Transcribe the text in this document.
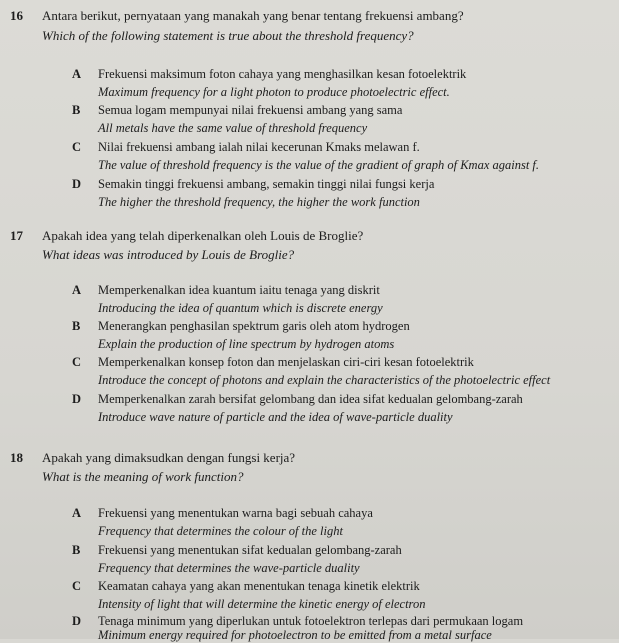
16 Antara berikut, pernyataan yang manakah yang benar tentang frekuensi ambang?
Which of the following statement is true about the threshold frequency?
A Frekuensi maksimum foton cahaya yang menghasilkan kesan fotoelektrik
Maximum frequency for a light photon to produce photoelectric effect.
B Semua logam mempunyai nilai frekuensi ambang yang sama
All metals have the same value of threshold frequency
C Nilai frekuensi ambang ialah nilai kecerunan Kmaks melawan f.
The value of threshold frequency is the value of the gradient of graph of Kmax against f.
D Semakin tinggi frekuensi ambang, semakin tinggi nilai fungsi kerja
The higher the threshold frequency, the higher the work function
17 Apakah idea yang telah diperkenalkan oleh Louis de Broglie?
What ideas was introduced by Louis de Broglie?
A Memperkenalkan idea kuantum iaitu tenaga yang diskrit
Introducing the idea of quantum which is discrete energy
B Menerangkan penghasilan spektrum garis oleh atom hydrogen
Explain the production of line spectrum by hydrogen atoms
C Memperkenalkan konsep foton dan menjelaskan ciri-ciri kesan fotoelektrik
Introduce the concept of photons and explain the characteristics of the photoelectric effect
D Memperkenalkan zarah bersifat gelombang dan idea sifat kedualan gelombang-zarah
Introduce wave nature of particle and the idea of wave-particle duality
18 Apakah yang dimaksudkan dengan fungsi kerja?
What is the meaning of work function?
A Frekuensi yang menentukan warna bagi sebuah cahaya
Frequency that determines the colour of the light
B Frekuensi yang menentukan sifat kedualan gelombang-zarah
Frequency that determines the wave-particle duality
C Keamatan cahaya yang akan menentukan tenaga kinetik elektrik
Intensity of light that will determine the kinetic energy of electron
D Tenaga minimum yang diperlukan untuk fotoelektron terlepas dari permukaan logam
Minimum energy required for photoelectron to be emitted from a metal surface
